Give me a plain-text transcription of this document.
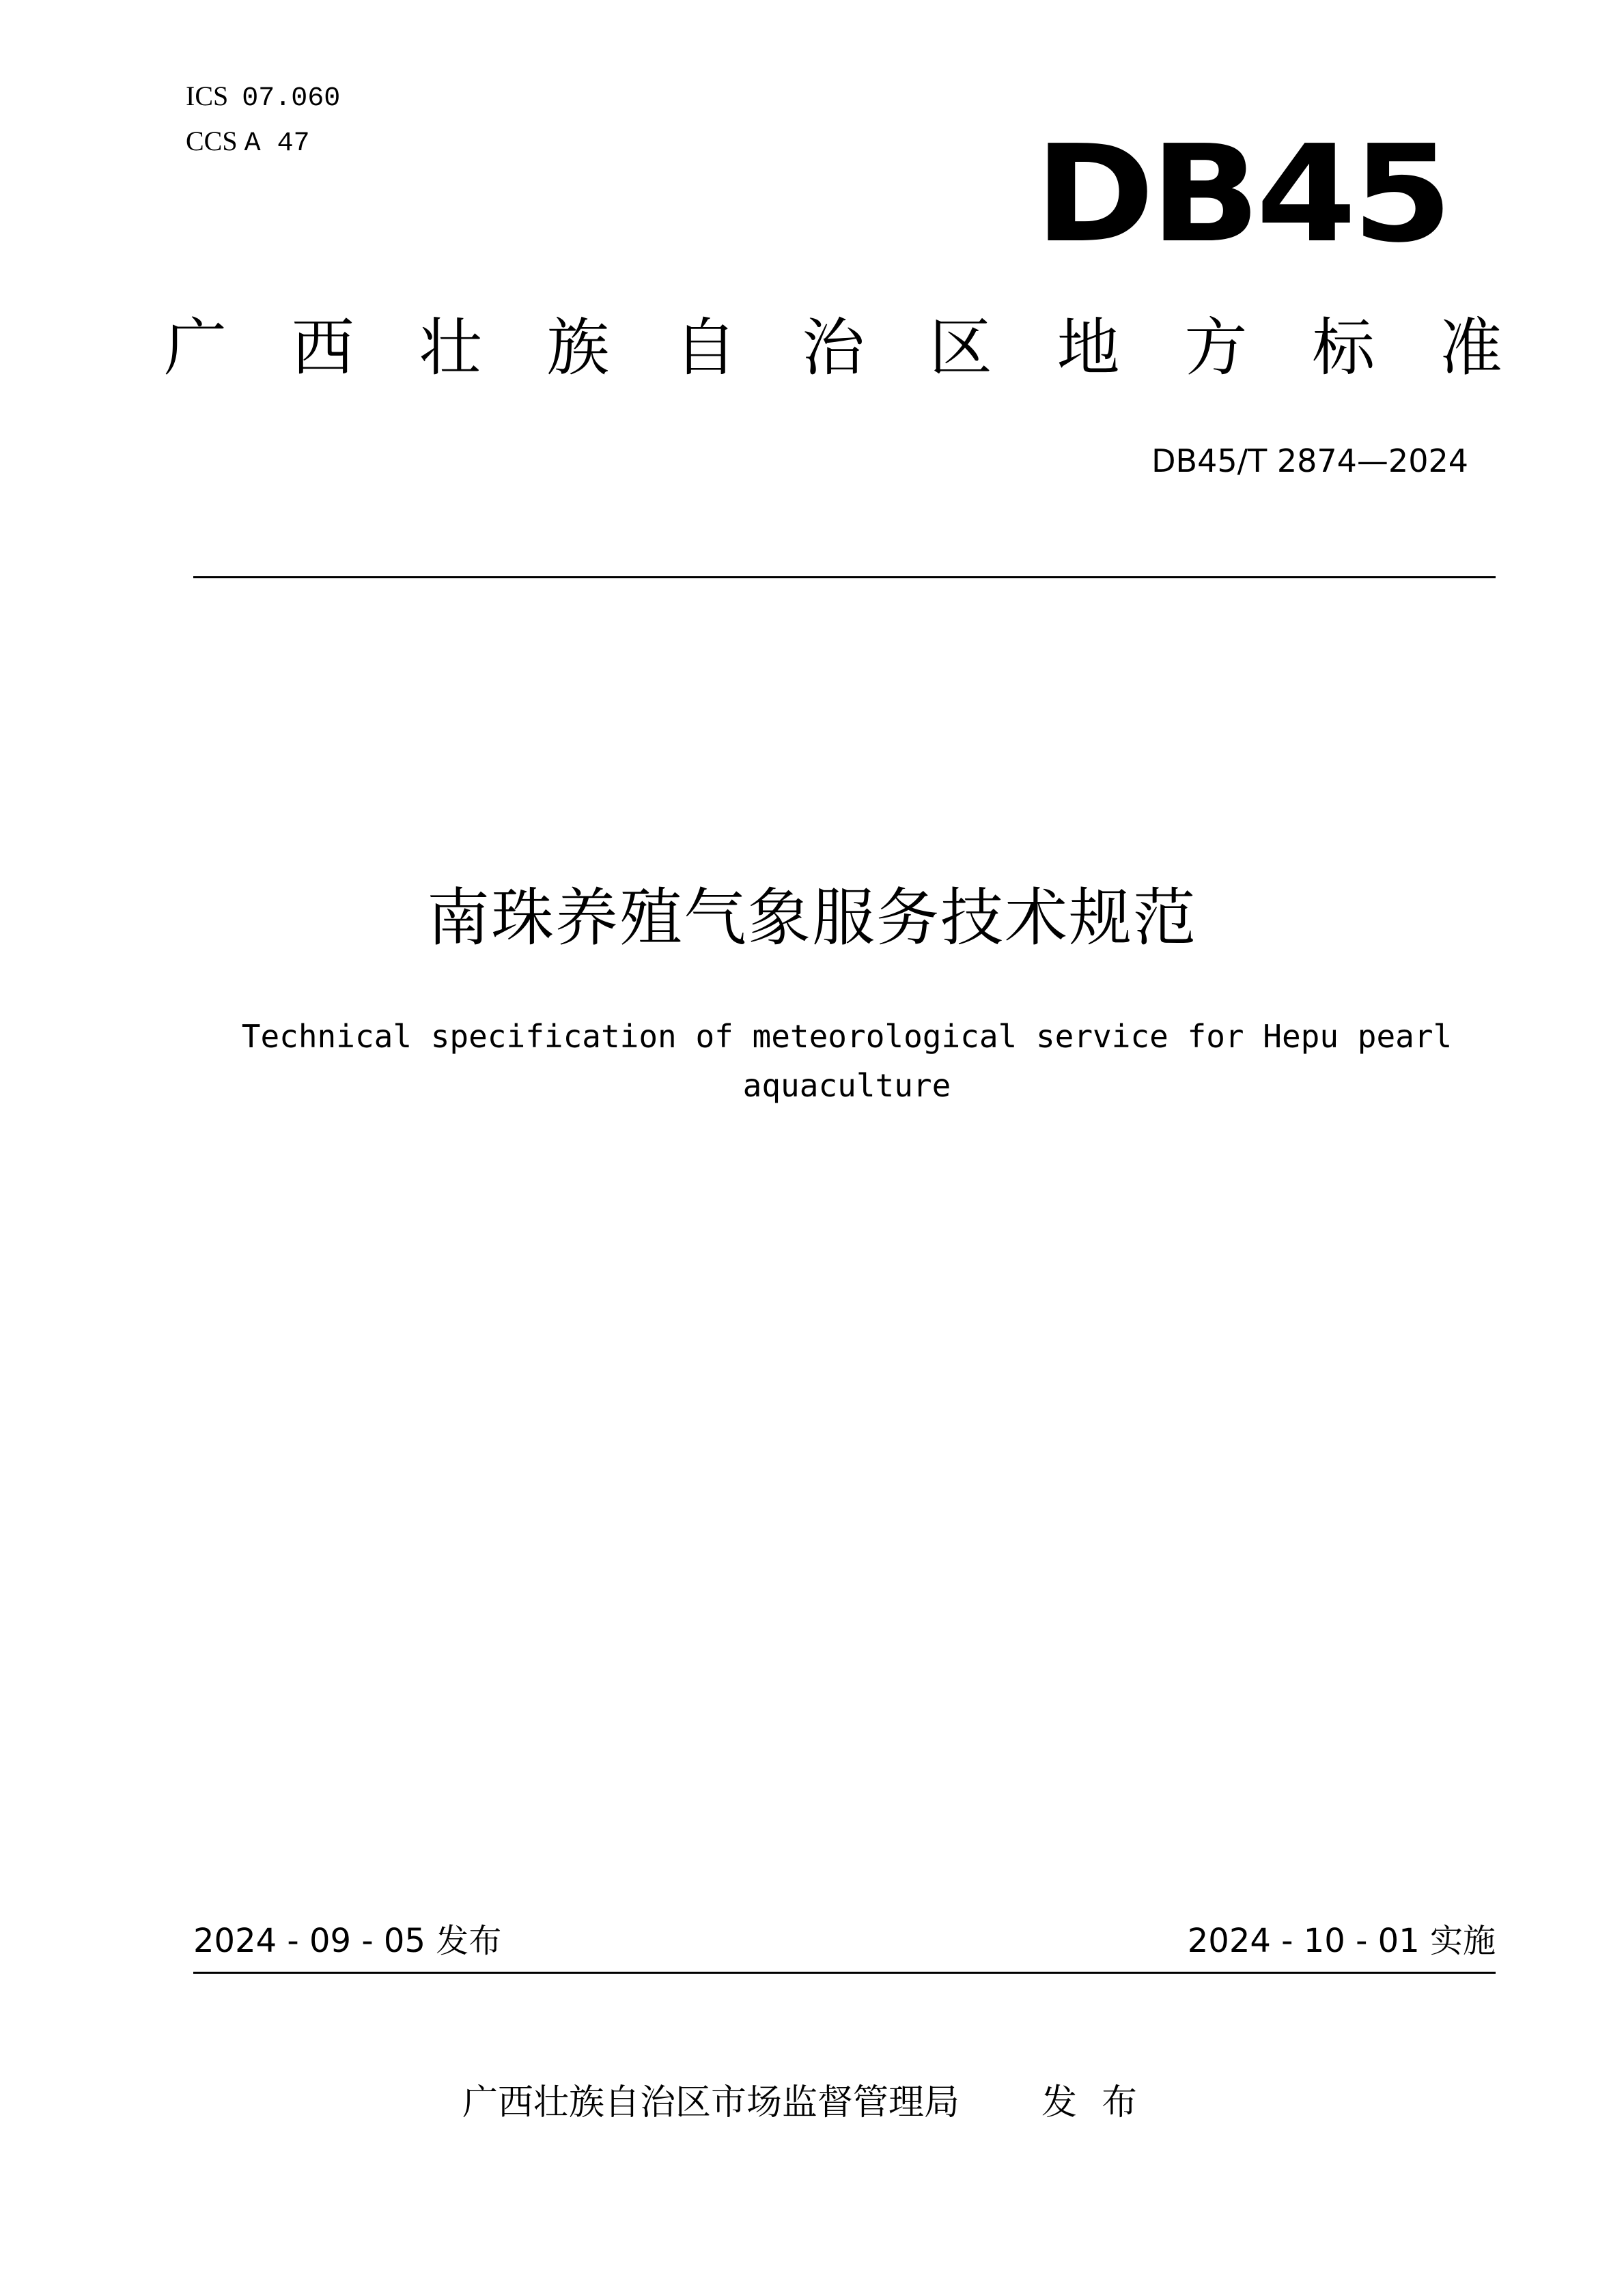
ICS 07.060
CCS A 47	DB45
广 西 壮 族 自 治 区 地 方 标 准
DB45/T 2874—2024
南珠养殖气象服务技术规范
Technical specification of meteorological service for Hepu pearl
aquaculture
2024 - 09 - 05 发布	2024 - 10 - 01 实施
广西壮族自治区市场监督管理局 发布
